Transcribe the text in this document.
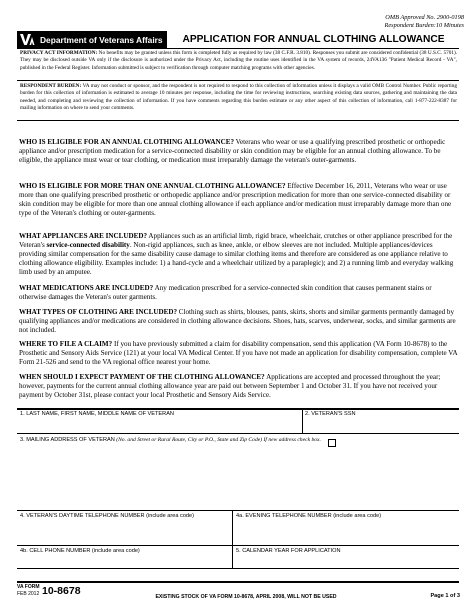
OMB Approved No. 2900-0198
Respondent Burden:10 Minutes
Department of Veterans Affairs	APPLICATION FOR ANNUAL CLOTHING ALLOWANCE
PRIVACY ACT INFORMATION: No benefits may be granted unless this form is completed fully as required by law (38 C.F.R. 3.810). Responses you submit are considered confidential (38 U.S.C. 5701). They may be disclosed outside VA only if the disclosure is authorized under the Privacy Act, including the routine uses identified in the VA system of records, 24VA136 "Patient Medical Record - VA", published in the Federal Register. Information submitted is subject to verification through computer matching programs with other agencies.
RESPONDENT BURDEN: VA may not conduct or sponsor, and the respondent is not required to respond to this collection of information unless it displays a valid OMB Control Number. Public reporting burden for this collection of information is estimated to average 10 minutes per response, including the time for reviewing instructions, searching existing data sources, gathering and maintaining the data needed, and completing and reviewing the collection of information. If you have comments regarding this burden estimate or any other aspect of this collection of information, call 1-877-222-8387 for mailing information on where to send your comments.
WHO IS ELIGIBLE FOR AN ANNUAL CLOTHING ALLOWANCE? Veterans who wear or use a qualifying prescribed prosthetic or orthopedic appliance and/or prescription medication for a service-connected disability or skin condition may be eligible for an annual clothing allowance. To be eligible, the appliance must wear or tear clothing, or medication must irreparably damage the veteran's outer-garments.
WHO IS ELIGIBLE FOR MORE THAN ONE ANNUAL CLOTHING ALLOWANCE? Effective December 16, 2011, Veterans who wear or use more than one qualifying prescribed prosthetic or orthopedic appliance and/or prescription medication for more than one service-connected disability or skin condition may be eligible for more than one annual clothing allowance if each appliance and/or medication must irreparably damage more than one type of the Veteran's clothing or outer-garments.
WHAT APPLIANCES ARE INCLUDED? Appliances such as an artificial limb, rigid brace, wheelchair, crutches or other appliance prescribed for the Veteran's service-connected disability. Non-rigid appliances, such as knee, ankle, or elbow sleeves are not included. Multiple appliances/devices providing similar compensation for the same disability cause damage to similar clothing items and therefore are considered as one appliance relative to clothing allowance eligibility. Examples include: 1) a hand-cycle and a wheelchair utilized by a paraplegic); and 2) a running limb and everyday walking limb used by an amputee.
WHAT MEDICATIONS ARE INCLUDED? Any medication prescribed for a service-connected skin condition that causes permanent stains or otherwise damages the Veteran's outer garments.
WHAT TYPES OF CLOTHING ARE INCLUDED? Clothing such as shirts, blouses, pants, skirts, shorts and similar garments permantly damaged by qualifying appliances and/or medications are considered in clothing allowance decisions. Shoes, hats, scarves, underwear, socks, and similar garments are not included.
WHERE TO FILE A CLAIM? If you have previously submitted a claim for disability compensation, send this application (VA Form 10-8678) to the Prosthetic and Sensory Aids Service (121) at your local VA Medical Center. If you have not made an application for disability compensation, complete VA Form 21-526 and send to the VA regional office nearest your home.
WHEN SHOULD I EXPECT PAYMENT OF THE CLOTHING ALLOWANCE? Applications are accepted and processed throughout the year; however, payments for the current annual clothing allowance year are paid out between September 1 and October 31. If you have not received your payment by October 31st, please contact your local Prosthetic and Sensory Aids Service.
1. LAST NAME, FIRST NAME, MIDDLE NAME OF VETERAN	2. VETERAN'S SSN
3. MAILING ADDRESS OF VETERAN (No. and Street or Rural Route, City or P.O., State and Zip Code) If new address check box.
4. VETERAN'S DAYTIME TELEPHONE NUMBER (include area code)	4a. EVENING TELEPHONE NUMBER (include area code)
4b. CELL PHONE NUMBER (include area code)	5. CALENDAR YEAR FOR APPLICATION
VA FORM
FEB 2012 10-8678	EXISTING STOCK OF VA FORM 10-8678, APRIL 2008, WILL NOT BE USED	Page 1 of 3
